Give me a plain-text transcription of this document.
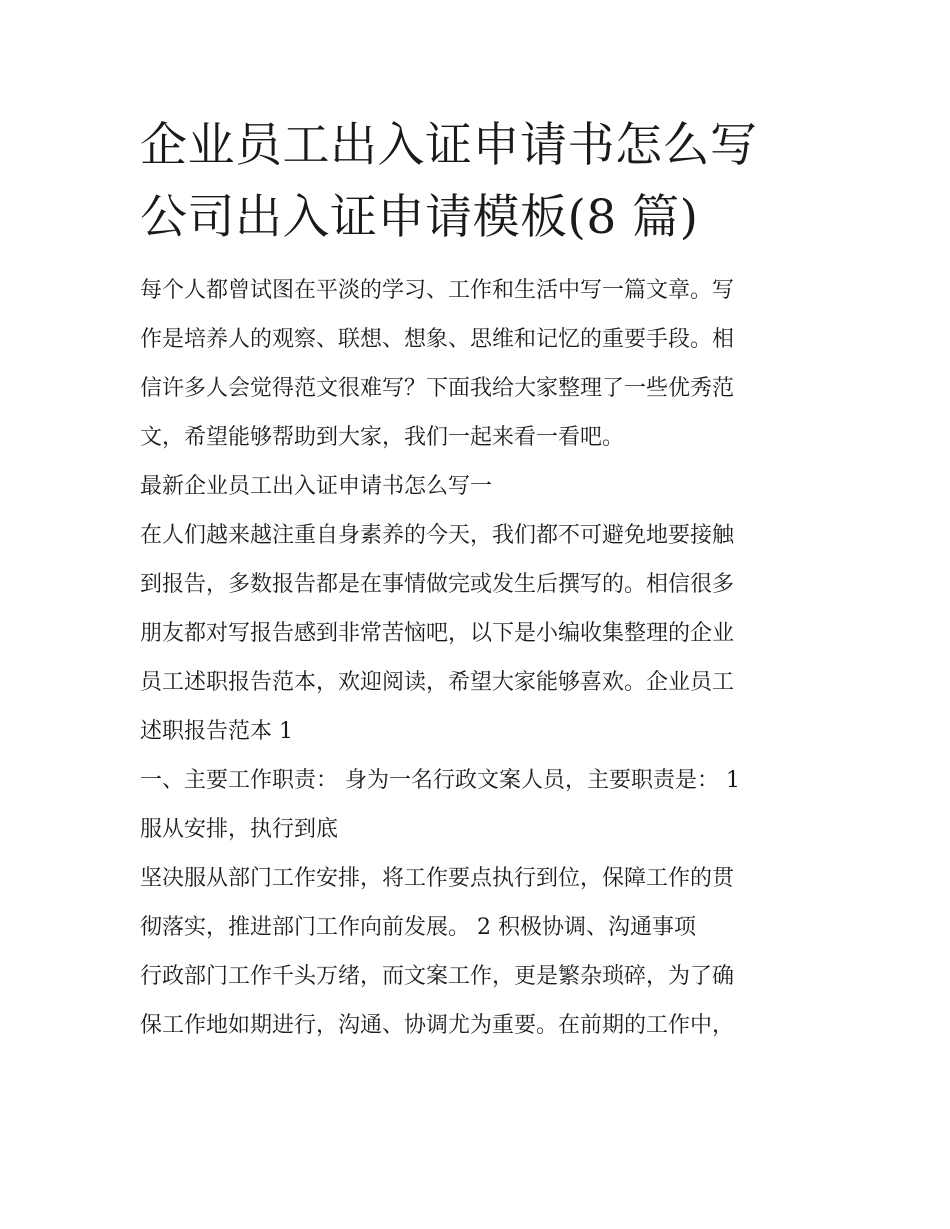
企业员工出入证申请书怎么写
公司出入证申请模板(8 篇)

每个人都曾试图在平淡的学习、工作和生活中写一篇文章。写
作是培养人的观察、联想、想象、思维和记忆的重要手段。相
信许多人会觉得范文很难写？下面我给大家整理了一些优秀范
文，希望能够帮助到大家，我们一起来看一看吧。

最新企业员工出入证申请书怎么写一

在人们越来越注重自身素养的今天，我们都不可避免地要接触
到报告，多数报告都是在事情做完或发生后撰写的。相信很多
朋友都对写报告感到非常苦恼吧，以下是小编收集整理的企业
员工述职报告范本，欢迎阅读，希望大家能够喜欢。企业员工
述职报告范本 1

一、主要工作职责： 身为一名行政文案人员，主要职责是： 1
服从安排，执行到底

坚决服从部门工作安排，将工作要点执行到位，保障工作的贯
彻落实，推进部门工作向前发展。 2 积极协调、沟通事项

行政部门工作千头万绪，而文案工作，更是繁杂琐碎，为了确
保工作地如期进行，沟通、协调尤为重要。在前期的工作中，
